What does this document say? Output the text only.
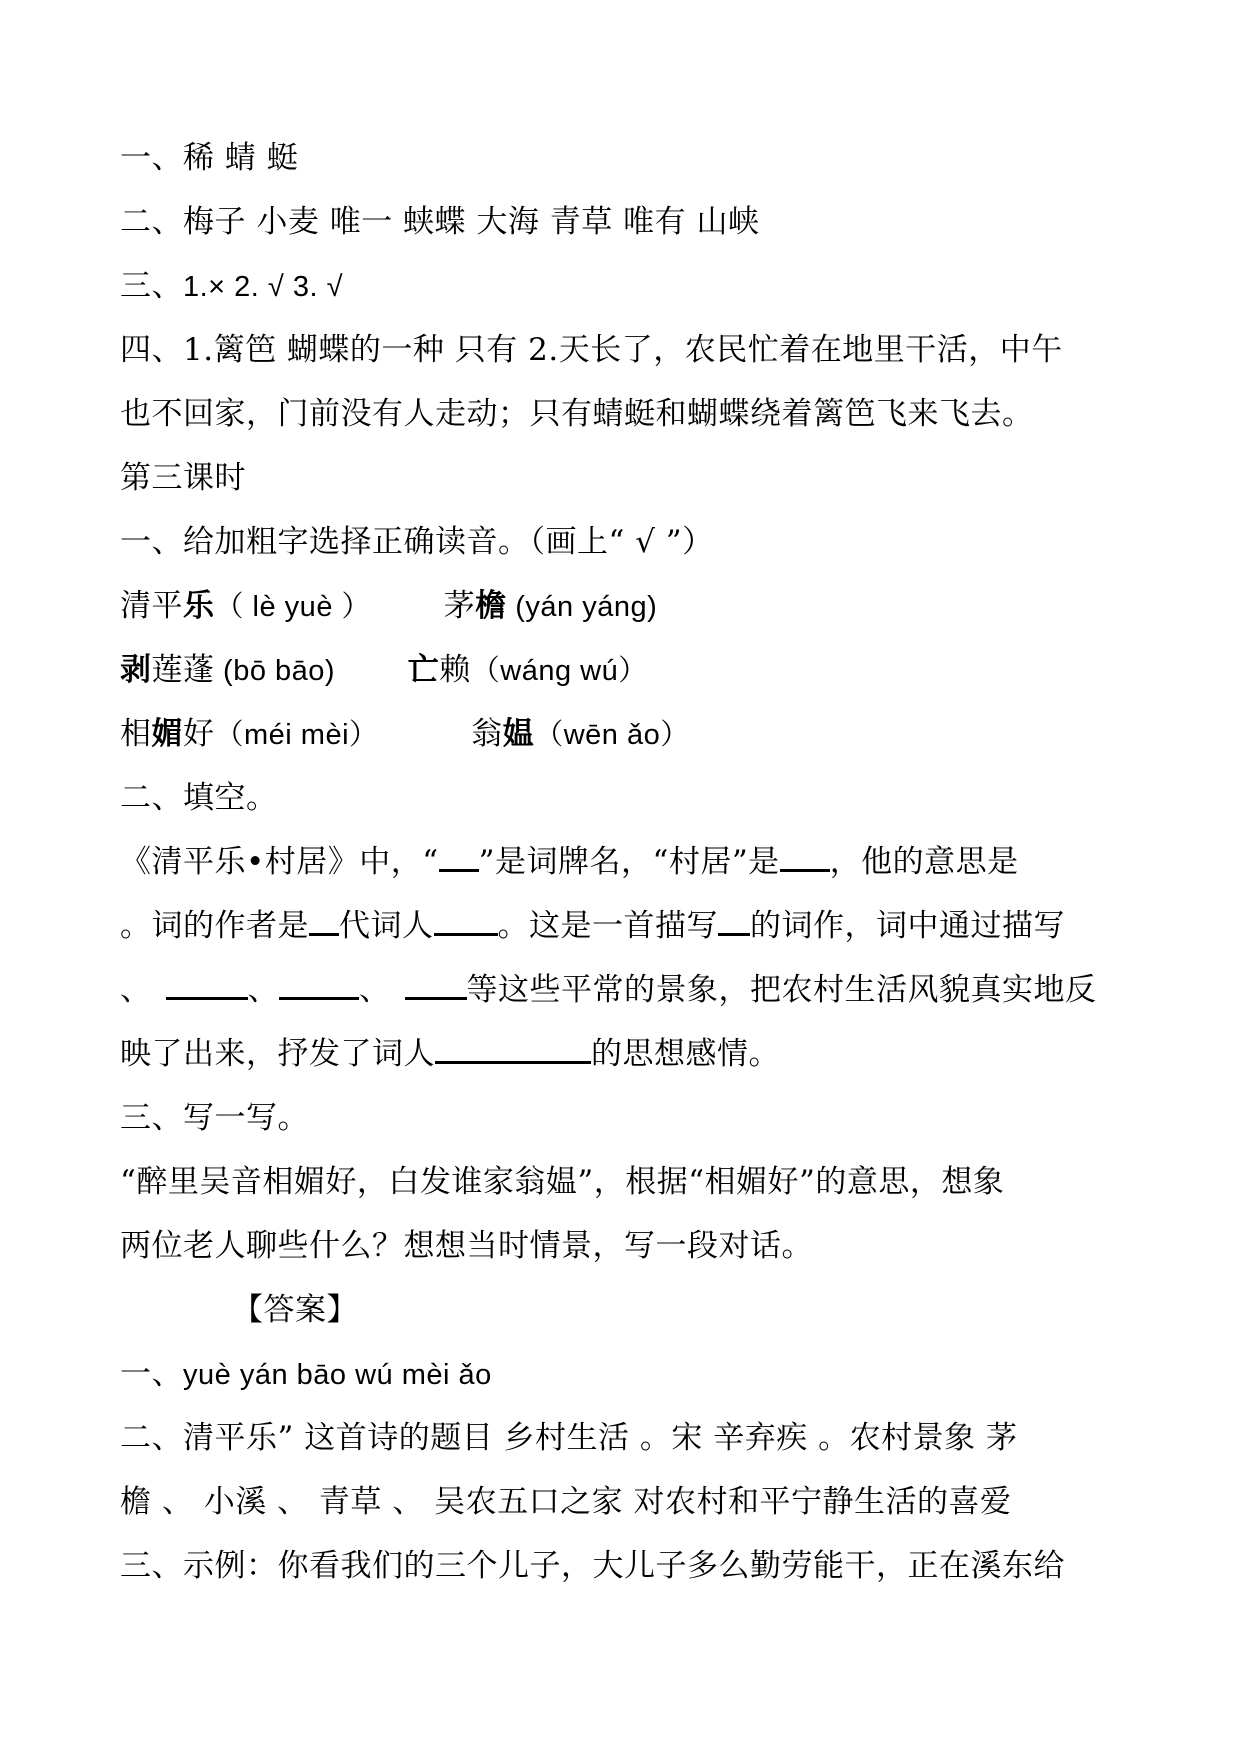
一、稀 蜻 蜓
二、梅子 小麦 唯一 蛱蝶 大海 青草 唯有 山峡
三、1.× 2. √ 3. √
四、1.篱笆 蝴蝶的一种 只有 2.天长了，农民忙着在地里干活，中午
也不回家，门前没有人走动；只有蜻蜓和蝴蝶绕着篱笆飞来飞去。
第三课时
一、给加粗字选择正确读音。（画上“ √ ”）
清平乐（ lè yuè ） 茅檐 (yán yáng)
剥莲蓬 (bō bāo) 亡赖（wáng wú）
相媚好（méi mèi）	翁媪（wēn ǎo）
二、填空。
《清平乐•村居》中，“ ”是词牌名，“村居”是 ，他的意思是
。词的作者是 代词人 。这是一首描写 的词作，词中通过描写
、	、	、 等这些平常的景象，把农村生活风貌真实地反
映了出来，抒发了词人	的思想感情。
三、写一写。
“醉里吴音相媚好，白发谁家翁媪”，根据“相媚好”的意思，想象
两位老人聊些什么？想想当时情景，写一段对话。
【答案】
一、yuè yán bāo wú mèi ǎo
二、清平乐” 这首诗的题目 乡村生活 。宋 辛弃疾 。农村景象 茅
檐 、 小溪 、 青草 、 吴农五口之家 对农村和平宁静生活的喜爱
三、示例：你看我们的三个儿子，大儿子多么勤劳能干，正在溪东给
